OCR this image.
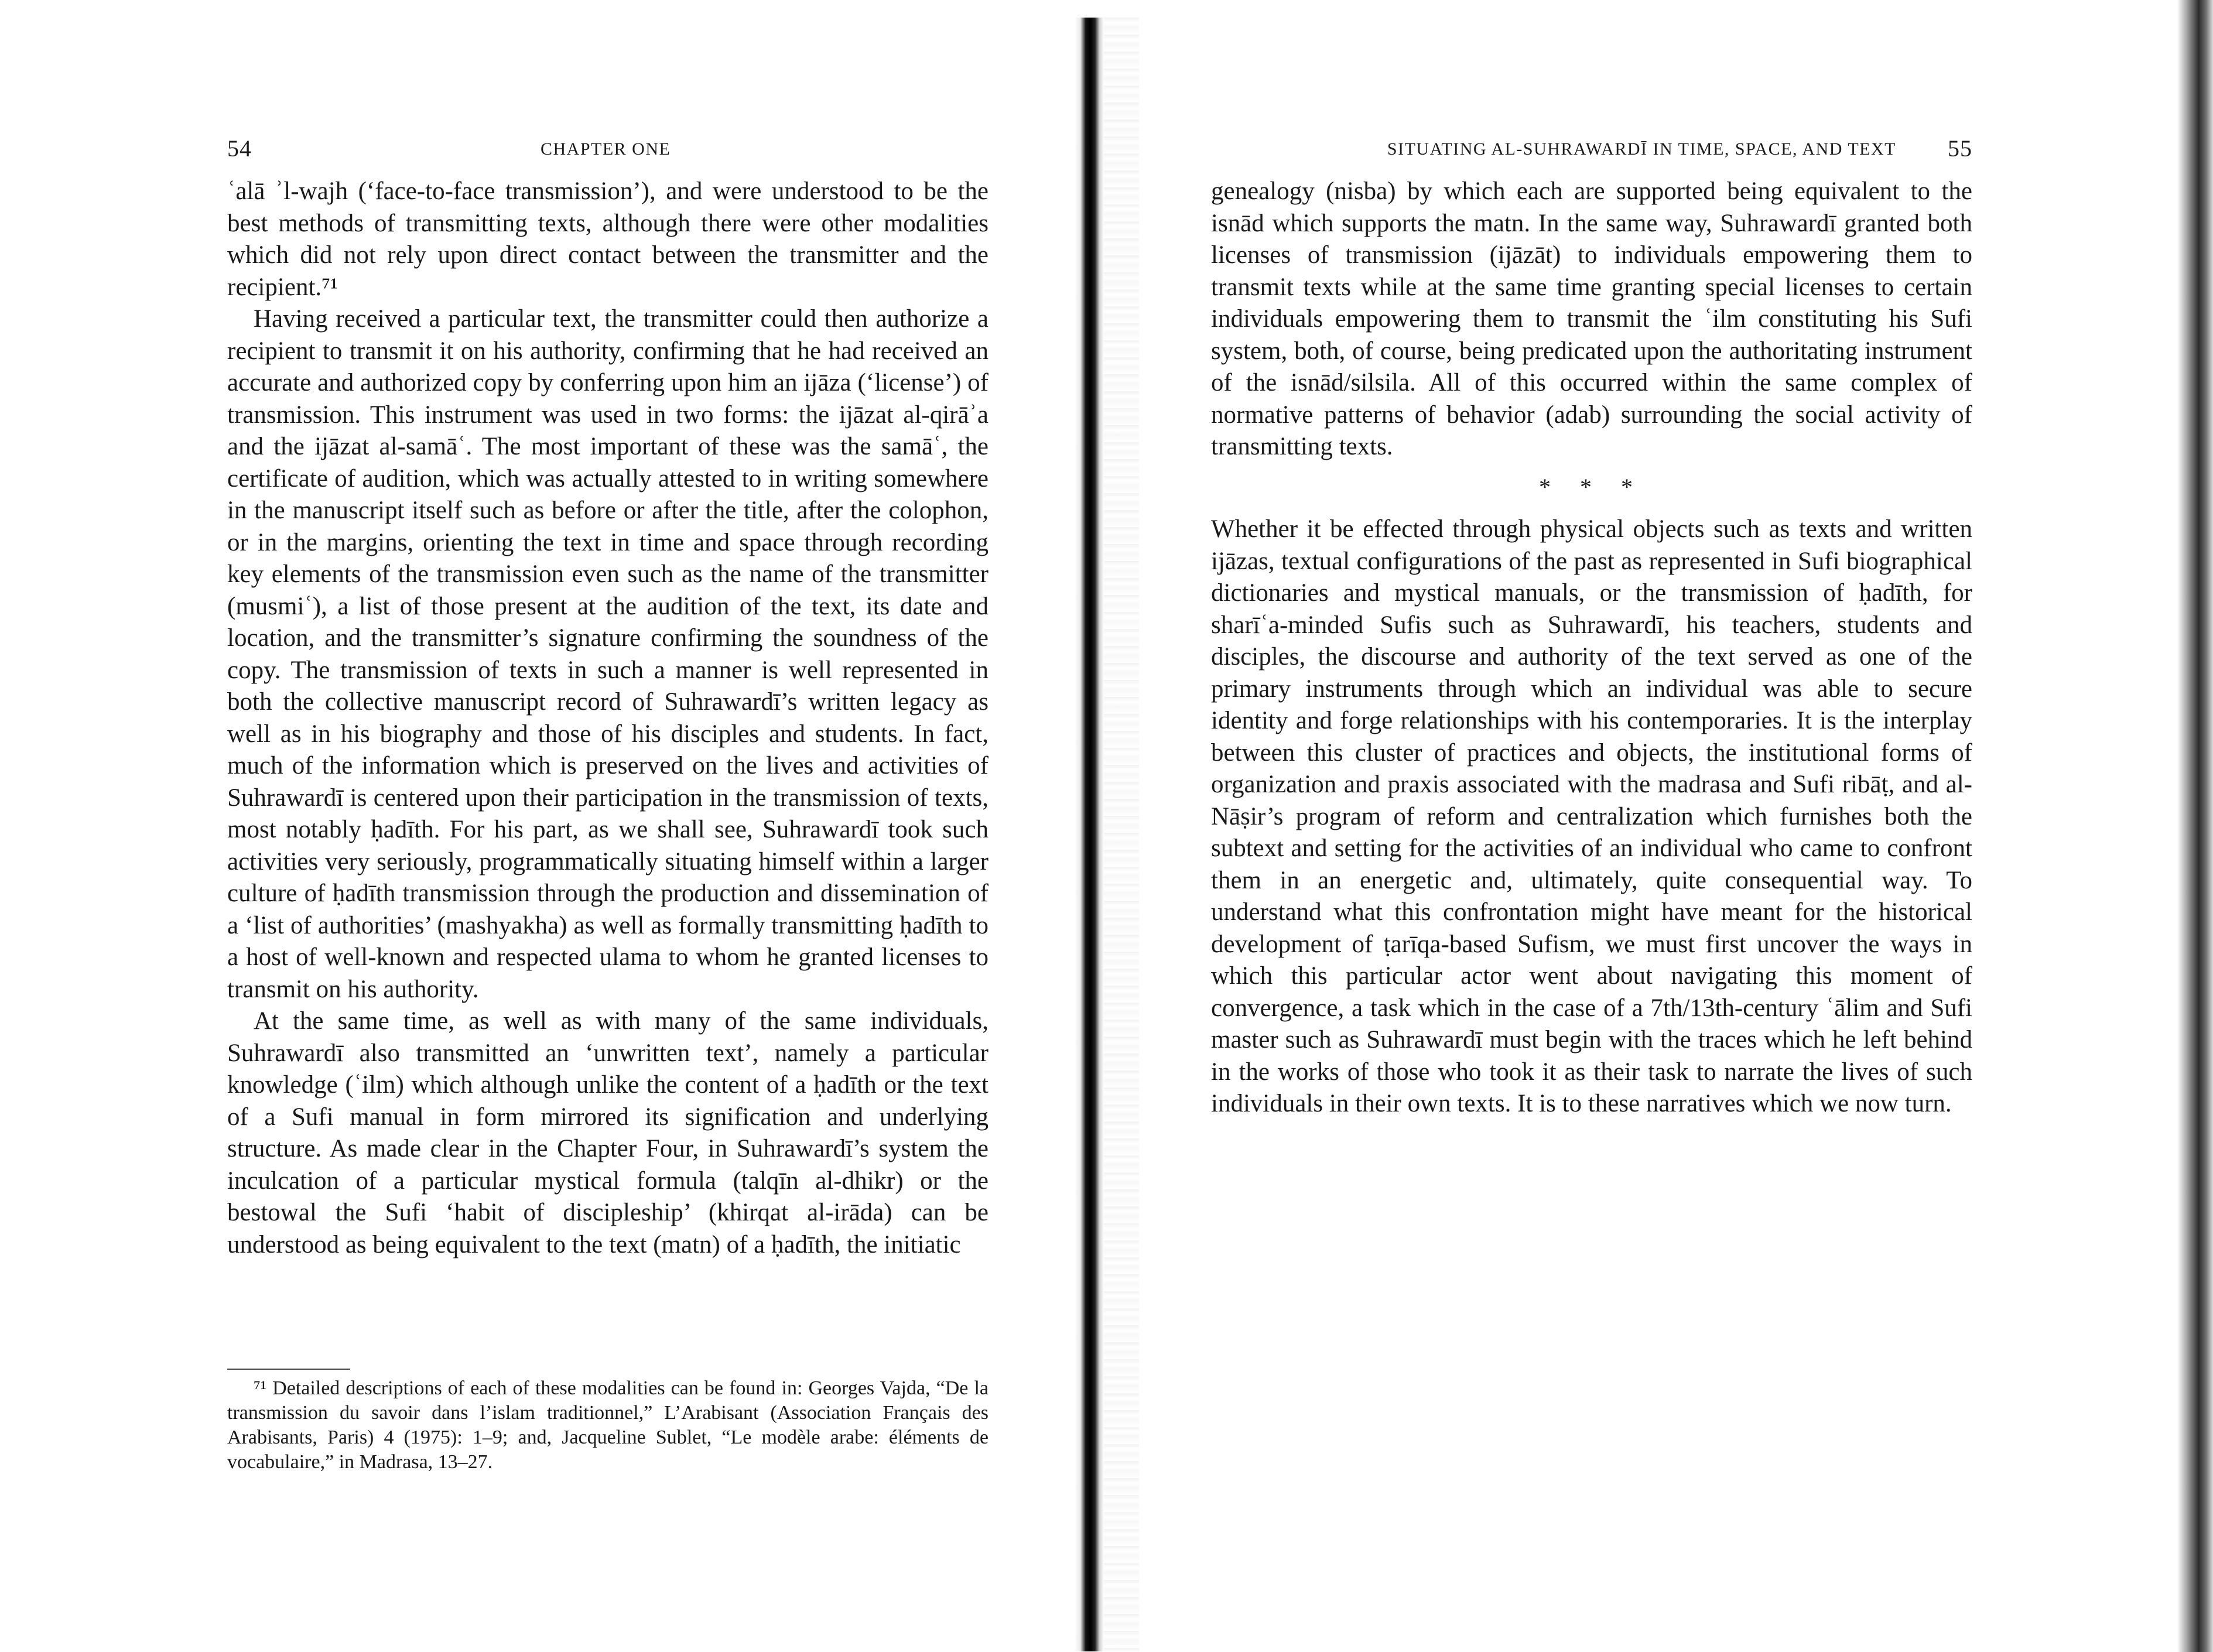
54	CHAPTER ONE

ʿalā ʾl-wajh (‘face-to-face transmission’), and were understood to be the best methods of transmitting texts, although there were other modalities which did not rely upon direct contact between the transmitter and the recipient.⁷¹

Having received a particular text, the transmitter could then authorize a recipient to transmit it on his authority, confirming that he had received an accurate and authorized copy by conferring upon him an ijāza (‘license’) of transmission. This instrument was used in two forms: the ijāzat al-qirāʾa and the ijāzat al-samāʿ. The most important of these was the samāʿ, the certificate of audition, which was actually attested to in writing somewhere in the manuscript itself such as before or after the title, after the colophon, or in the margins, orienting the text in time and space through recording key elements of the transmission even such as the name of the transmitter (musmiʿ), a list of those present at the audition of the text, its date and location, and the transmitter’s signature confirming the soundness of the copy. The transmission of texts in such a manner is well represented in both the collective manuscript record of Suhrawardī’s written legacy as well as in his biography and those of his disciples and students. In fact, much of the information which is preserved on the lives and activities of Suhrawardī is centered upon their participation in the transmission of texts, most notably ḥadīth. For his part, as we shall see, Suhrawardī took such activities very seriously, programmatically situating himself within a larger culture of ḥadīth transmission through the production and dissemination of a ‘list of authorities’ (mashyakha) as well as formally transmitting ḥadīth to a host of well-known and respected ulama to whom he granted licenses to transmit on his authority.

At the same time, as well as with many of the same individuals, Suhrawardī also transmitted an ‘unwritten text’, namely a particular knowledge (ʿilm) which although unlike the content of a ḥadīth or the text of a Sufi manual in form mirrored its signification and underlying structure. As made clear in the Chapter Four, in Suhrawardī’s system the inculcation of a particular mystical formula (talqīn al-dhikr) or the bestowal the Sufi ‘habit of discipleship’ (khirqat al-irāda) can be understood as being equivalent to the text (matn) of a ḥadīth, the initiatic

⁷¹ Detailed descriptions of each of these modalities can be found in: Georges Vajda, “De la transmission du savoir dans l’islam traditionnel,” L’Arabisant (Association Français des Arabisants, Paris) 4 (1975): 1–9; and, Jacqueline Sublet, “Le modèle arabe: éléments de vocabulaire,” in Madrasa, 13–27.
SITUATING AL-SUHRAWARDĪ IN TIME, SPACE, AND TEXT 55

genealogy (nisba) by which each are supported being equivalent to the isnād which supports the matn. In the same way, Suhrawardī granted both licenses of transmission (ijāzāt) to individuals empowering them to transmit texts while at the same time granting special licenses to certain individuals empowering them to transmit the ʿilm constituting his Sufi system, both, of course, being predicated upon the authoritating instrument of the isnād/silsila. All of this occurred within the same complex of normative patterns of behavior (adab) surrounding the social activity of transmitting texts.

* * *

Whether it be effected through physical objects such as texts and written ijāzas, textual configurations of the past as represented in Sufi biographical dictionaries and mystical manuals, or the transmission of ḥadīth, for sharīʿa-minded Sufis such as Suhrawardī, his teachers, students and disciples, the discourse and authority of the text served as one of the primary instruments through which an individual was able to secure identity and forge relationships with his contemporaries. It is the interplay between this cluster of practices and objects, the institutional forms of organization and praxis associated with the madrasa and Sufi ribāṭ, and al-Nāṣir’s program of reform and centralization which furnishes both the subtext and setting for the activities of an individual who came to confront them in an energetic and, ultimately, quite consequential way. To understand what this confrontation might have meant for the historical development of ṭarīqa-based Sufism, we must first uncover the ways in which this particular actor went about navigating this moment of convergence, a task which in the case of a 7th/13th-century ʿālim and Sufi master such as Suhrawardī must begin with the traces which he left behind in the works of those who took it as their task to narrate the lives of such individuals in their own texts. It is to these narratives which we now turn.
